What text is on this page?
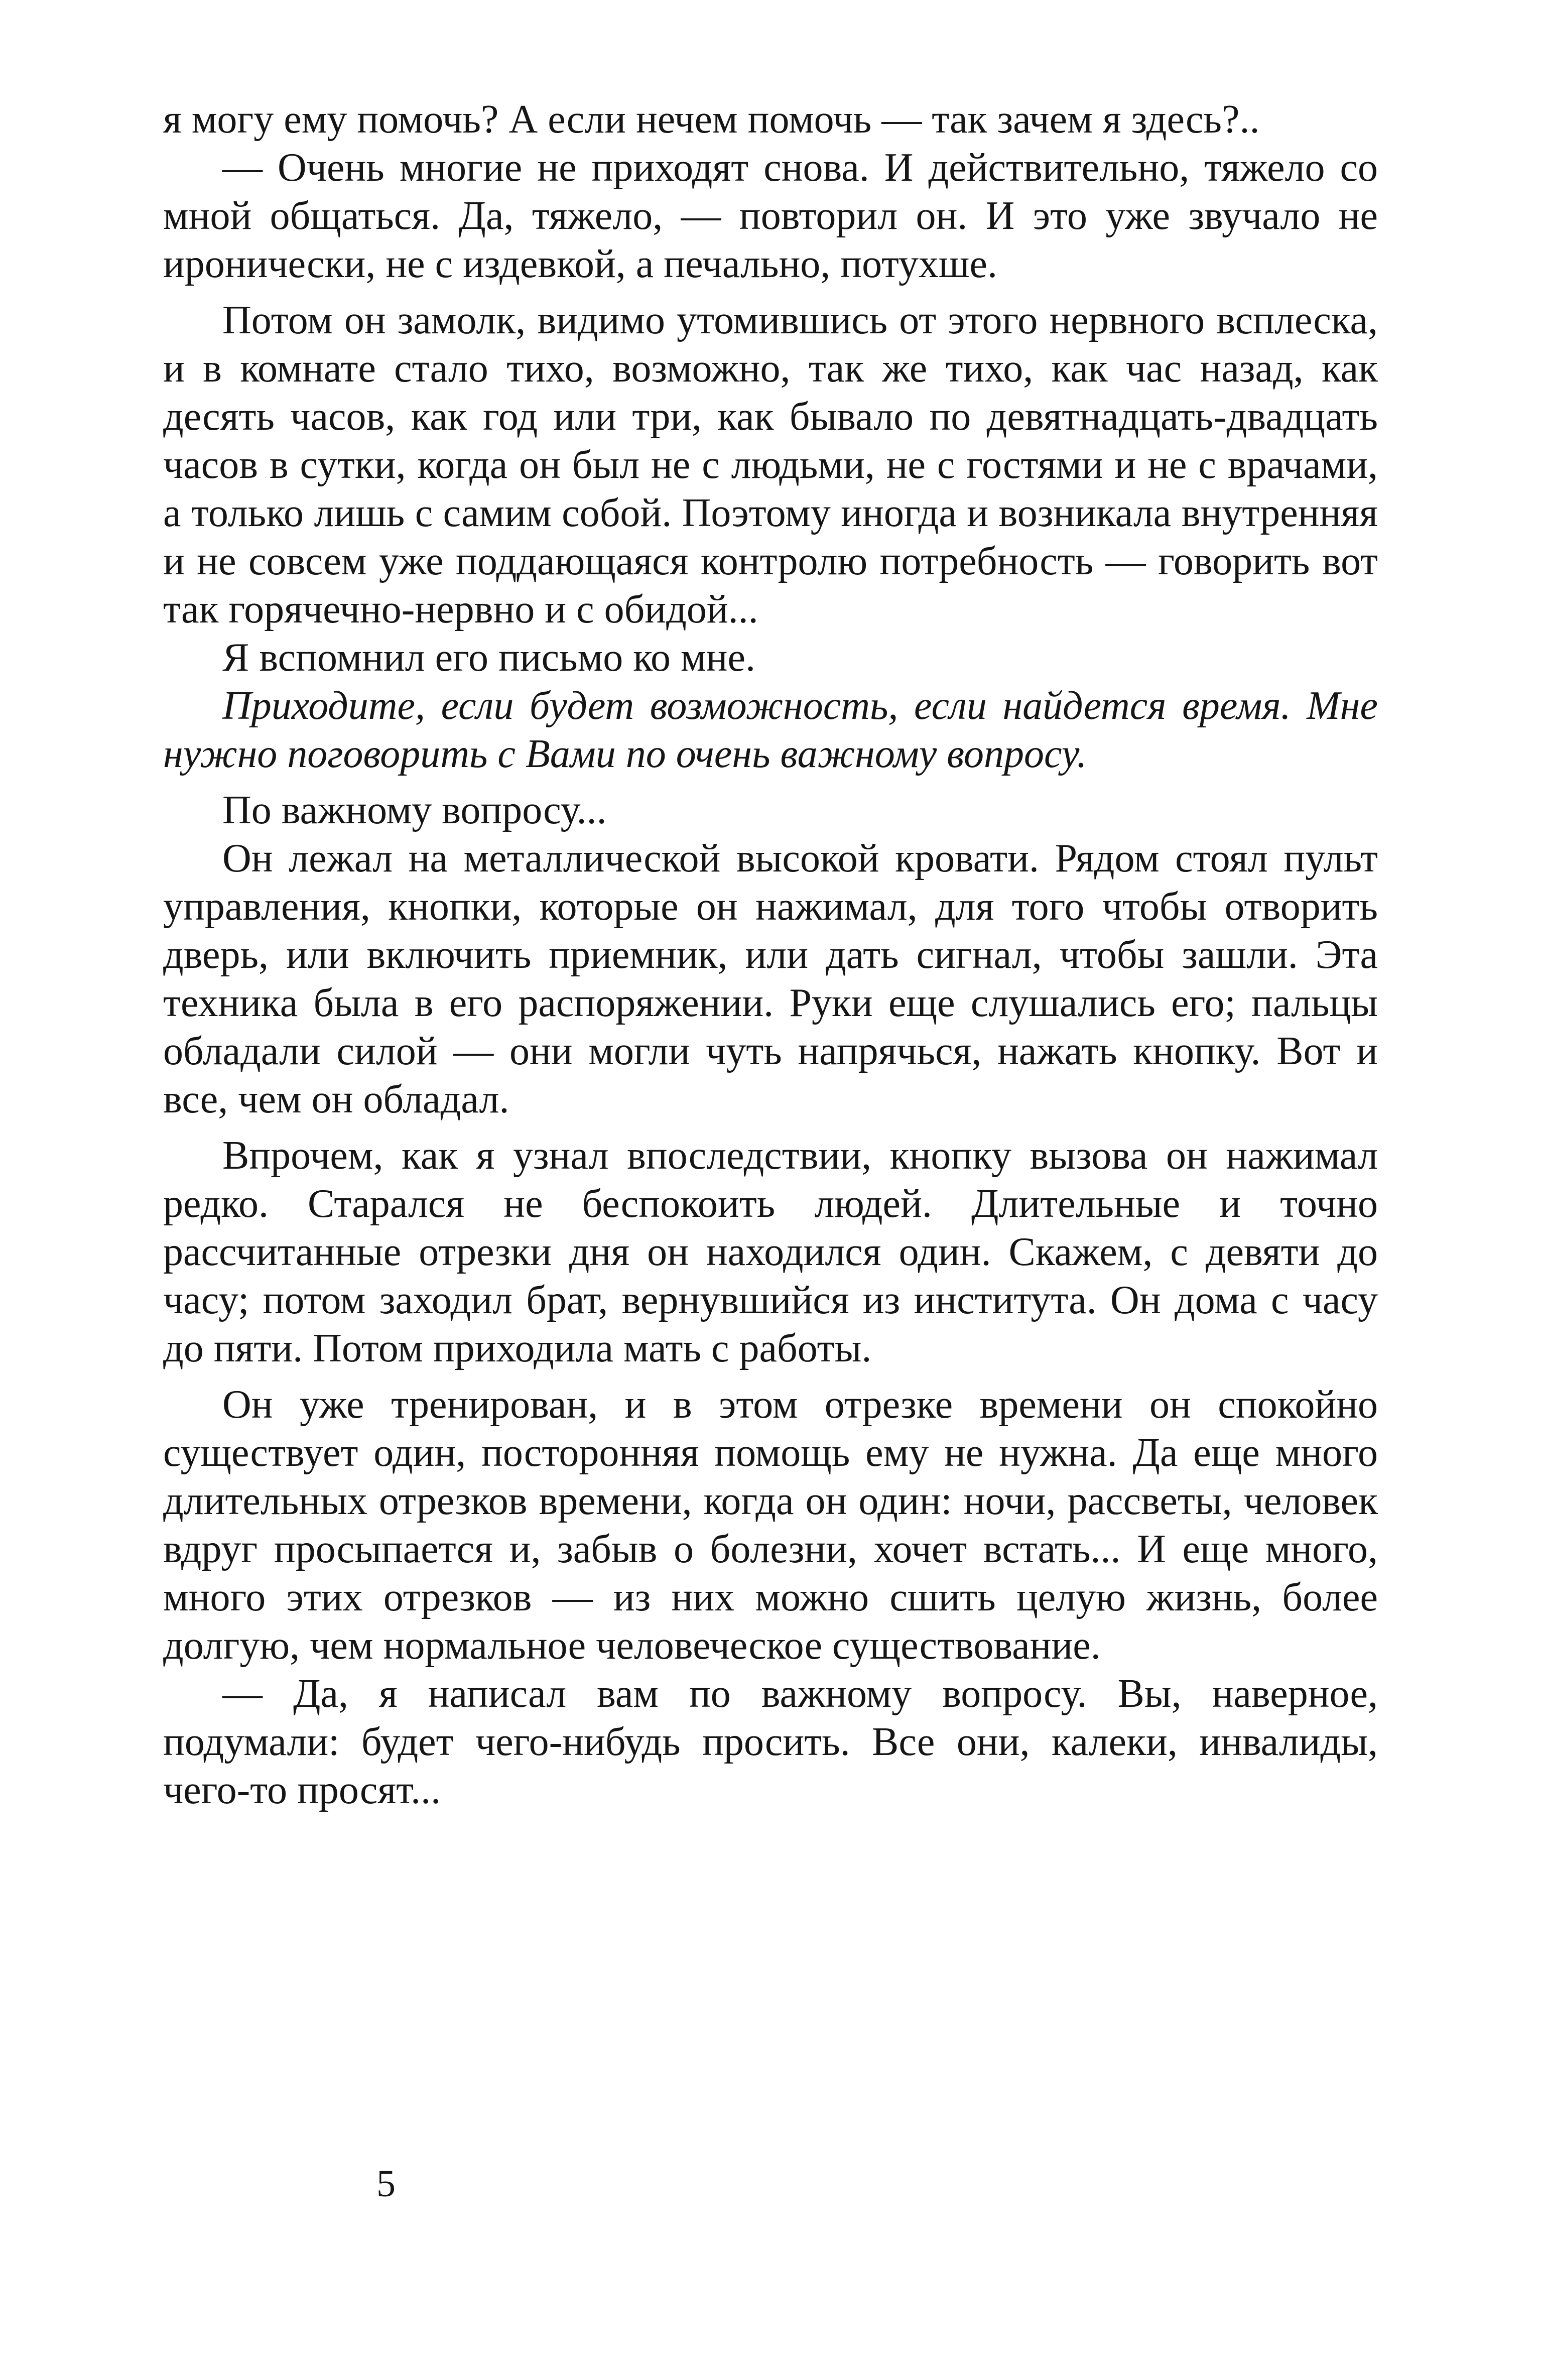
я могу ему помочь? А если нечем помочь — так зачем я здесь?..

— Очень многие не приходят снова. И действительно, тяжело со мной общаться. Да, тяжело, — повторил он. И это уже звучало не иронически, не с издевкой, а печально, потухше.

Потом он замолк, видимо утомившись от этого нервного всплеска, и в комнате стало тихо, возможно, так же тихо, как час назад, как десять часов, как год или три, как бывало по девятнадцать-двадцать часов в сутки, когда он был не с людьми, не с гостями и не с врачами, а только лишь с самим собой. Поэтому иногда и возникала внутренняя и не совсем уже поддающаяся контролю потребность — говорить вот так горячечно-нервно и с обидой...

Я вспомнил его письмо ко мне.

Приходите, если будет возможность, если найдется время. Мне нужно поговорить с Вами по очень важному вопросу.

По важному вопросу...

Он лежал на металлической высокой кровати. Рядом стоял пульт управления, кнопки, которые он нажимал, для того чтобы отворить дверь, или включить приемник, или дать сигнал, чтобы зашли. Эта техника была в его распоряжении. Руки еще слушались его; пальцы обладали силой — они могли чуть напрячься, нажать кнопку. Вот и все, чем он обладал.

Впрочем, как я узнал впоследствии, кнопку вызова он нажимал редко. Старался не беспокоить людей. Длительные и точно рассчитанные отрезки дня он находился один. Скажем, с девяти до часу; потом заходил брат, вернувшийся из института. Он дома с часу до пяти. Потом приходила мать с работы.

Он уже тренирован, и в этом отрезке времени он спокойно существует один, посторонняя помощь ему не нужна. Да еще много длительных отрезков времени, когда он один: ночи, рассветы, человек вдруг просыпается и, забыв о болезни, хочет встать... И еще много, много этих отрезков — из них можно сшить целую жизнь, более долгую, чем нормальное человеческое существование.

— Да, я написал вам по важному вопросу. Вы, наверное, подумали: будет чего-нибудь просить. Все они, калеки, инвалиды, чего-то просят...

5
